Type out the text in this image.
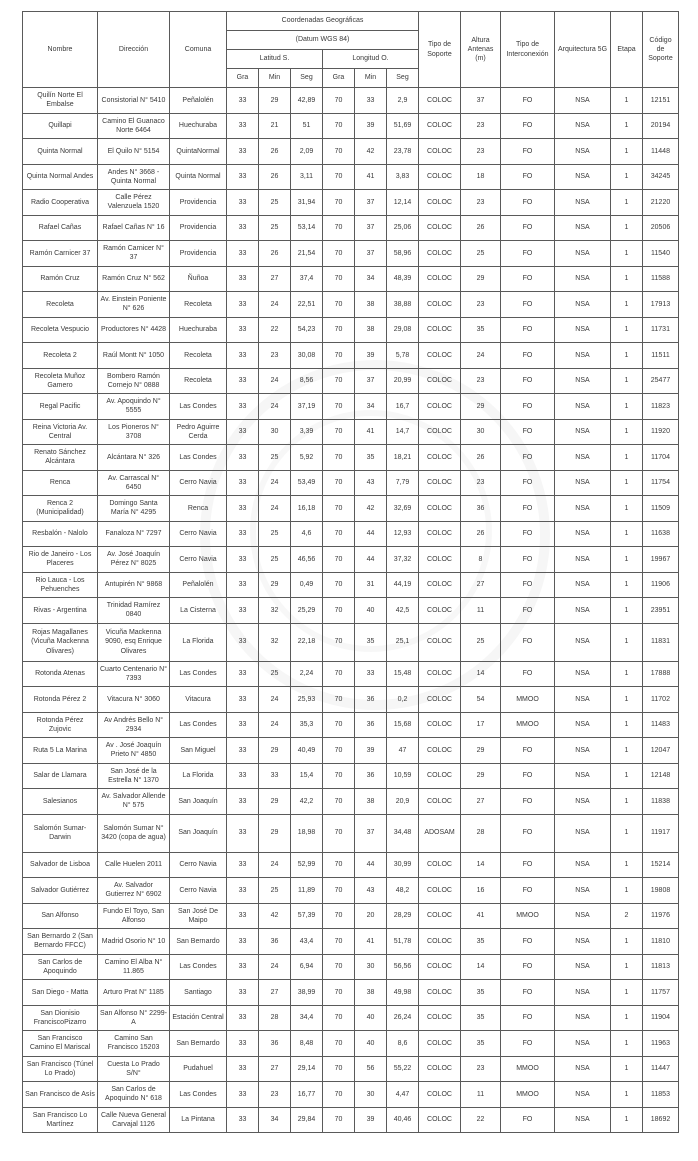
Nombre	Dirección	Comuna	Coordenadas Geográficas						Tipo de Soporte	Altura Antenas (m)	Tipo de Interconexión	Arquitectura 5G	Etapa	Código de Soporte
			(Datum WGS 84)											
			Latitud S.			Longitud O.								
			Gra	Min	Seg	Gra	Min	Seg						
Quilín Norte El Embalse	Consistorial N° 5410	Peñalolén	33	29	42,89	70	33	2,9	COLOC	37	FO	NSA	1	12151
Quillapi	Camino El Guanaco Norte 6464	Huechuraba	33	21	51	70	39	51,69	COLOC	23	FO	NSA	1	20194
Quinta Normal	El Quilo N° 5154	QuintaNormal	33	26	2,09	70	42	23,78	COLOC	23	FO	NSA	1	11448
Quinta Normal Andes	Andes N° 3668 - Quinta Normal	Quinta Normal	33	26	3,11	70	41	3,83	COLOC	18	FO	NSA	1	34245
Radio Cooperativa	Calle Pérez Valenzuela 1520	Providencia	33	25	31,94	70	37	12,14	COLOC	23	FO	NSA	1	21220
Rafael Cañas	Rafael Cañas N° 16	Providencia	33	25	53,14	70	37	25,06	COLOC	26	FO	NSA	1	20506
Ramón Carnicer 37	Ramón Carnicer N° 37	Providencia	33	26	21,54	70	37	58,96	COLOC	25	FO	NSA	1	11540
Ramón Cruz	Ramón Cruz N° 562	Ñuñoa	33	27	37,4	70	34	48,39	COLOC	29	FO	NSA	1	11588
Recoleta	Av. Einstein Poniente N° 626	Recoleta	33	24	22,51	70	38	38,88	COLOC	23	FO	NSA	1	17913
Recoleta Vespucio	Productores N° 4428	Huechuraba	33	22	54,23	70	38	29,08	COLOC	35	FO	NSA	1	11731
Recoleta 2	Raúl Montt N° 1050	Recoleta	33	23	30,08	70	39	5,78	COLOC	24	FO	NSA	1	11511
Recoleta Muñoz Gamero	Bombero Ramón Cornejo N° 0888	Recoleta	33	24	8,56	70	37	20,99	COLOC	23	FO	NSA	1	25477
Regal Pacific	Av. Apoquindo N° 5555	Las Condes	33	24	37,19	70	34	16,7	COLOC	29	FO	NSA	1	11823
Reina Victoria Av. Central	Los Pioneros N° 3708	Pedro Aguirre Cerda	33	30	3,39	70	41	14,7	COLOC	30	FO	NSA	1	11920
Renato Sánchez Alcántara	Alcántara N° 326	Las Condes	33	25	5,92	70	35	18,21	COLOC	26	FO	NSA	1	11704
Renca	Av. Carrascal N° 6450	Cerro Navia	33	24	53,49	70	43	7,79	COLOC	23	FO	NSA	1	11754
Renca 2 (Municipalidad)	Domingo Santa María N° 4295	Renca	33	24	16,18	70	42	32,69	COLOC	36	FO	NSA	1	11509
Resbalón - Nalolo	Fanaloza N° 7297	Cerro Navia	33	25	4,6	70	44	12,93	COLOC	26	FO	NSA	1	11638
Rio de Janeiro - Los Placeres	Av. José Joaquín Pérez N° 8025	Cerro Navia	33	25	46,56	70	44	37,32	COLOC	8	FO	NSA	1	19967
Rio Lauca - Los Pehuenches	Antupirén N° 9868	Peñalolén	33	29	0,49	70	31	44,19	COLOC	27	FO	NSA	1	11906
Rivas - Argentina	Trinidad Ramírez 0840	La Cisterna	33	32	25,29	70	40	42,5	COLOC	11	FO	NSA	1	23951
Rojas Magallanes (Vicuña Mackenna Olivares)	Vicuña Mackenna 9090, esq Enrique Olivares	La Florida	33	32	22,18	70	35	25,1	COLOC	25	FO	NSA	1	11831
Rotonda Atenas	Cuarto Centenario N° 7393	Las Condes	33	25	2,24	70	33	15,48	COLOC	14	FO	NSA	1	17888
Rotonda Pérez 2	Vitacura N° 3060	Vitacura	33	24	25,93	70	36	0,2	COLOC	54	MMOO	NSA	1	11702
Rotonda Pérez Zujovic	Av Andrés Bello N° 2934	Las Condes	33	24	35,3	70	36	15,68	COLOC	17	MMOO	NSA	1	11483
Ruta 5 La Marina	Av . José Joaquín Prieto N° 4850	San Miguel	33	29	40,49	70	39	47	COLOC	29	FO	NSA	1	12047
Salar de Llamara	San José de la Estrella N° 1370	La Florida	33	33	15,4	70	36	10,59	COLOC	29	FO	NSA	1	12148
Salesianos	Av. Salvador Allende N° 575	San Joaquín	33	29	42,2	70	38	20,9	COLOC	27	FO	NSA	1	11838
Salomón Sumar-Darwin	Salomón Sumar N° 3420 (copa de agua)	San Joaquín	33	29	18,98	70	37	34,48	ADOSAM	28	FO	NSA	1	11917
Salvador de Lisboa	Calle Huelen 2011	Cerro Navia	33	24	52,99	70	44	30,99	COLOC	14	FO	NSA	1	15214
Salvador Gutiérrez	Av. Salvador Gutierrez N° 6902	Cerro Navia	33	25	11,89	70	43	48,2	COLOC	16	FO	NSA	1	19808
San Alfonso	Fundo El Toyo, San Alfonso	San José De Maipo	33	42	57,39	70	20	28,29	COLOC	41	MMOO	NSA	2	11976
San Bernardo 2 (San Bernardo FFCC)	Madrid Osorio N° 10	San Bernardo	33	36	43,4	70	41	51,78	COLOC	35	FO	NSA	1	11810
San Carlos de Apoquindo	Camino El Alba N° 11.865	Las Condes	33	24	6,94	70	30	56,56	COLOC	14	FO	NSA	1	11813
San Diego - Matta	Arturo Prat N° 1185	Santiago	33	27	38,99	70	38	49,98	COLOC	35	FO	NSA	1	11757
San Dionisio FranciscoPizarro	San Alfonso N° 2299-A	Estación Central	33	28	34,4	70	40	26,24	COLOC	35	FO	NSA	1	11904
San Francisco Camino El Mariscal	Camino San Francisco 15203	San Bernardo	33	36	8,48	70	40	8,6	COLOC	35	FO	NSA	1	11963
San Francisco (Túnel Lo Prado)	Cuesta Lo Prado S/N°	Pudahuel	33	27	29,14	70	56	55,22	COLOC	23	MMOO	NSA	1	11447
San Francisco de Asís	San Carlos de Apoquindo N° 618	Las Condes	33	23	16,77	70	30	4,47	COLOC	11	MMOO	NSA	1	11853
San Francisco Lo Martínez	Calle Nueva General Carvajal 1126	La Pintana	33	34	29,84	70	39	40,46	COLOC	22	FO	NSA	1	18692
